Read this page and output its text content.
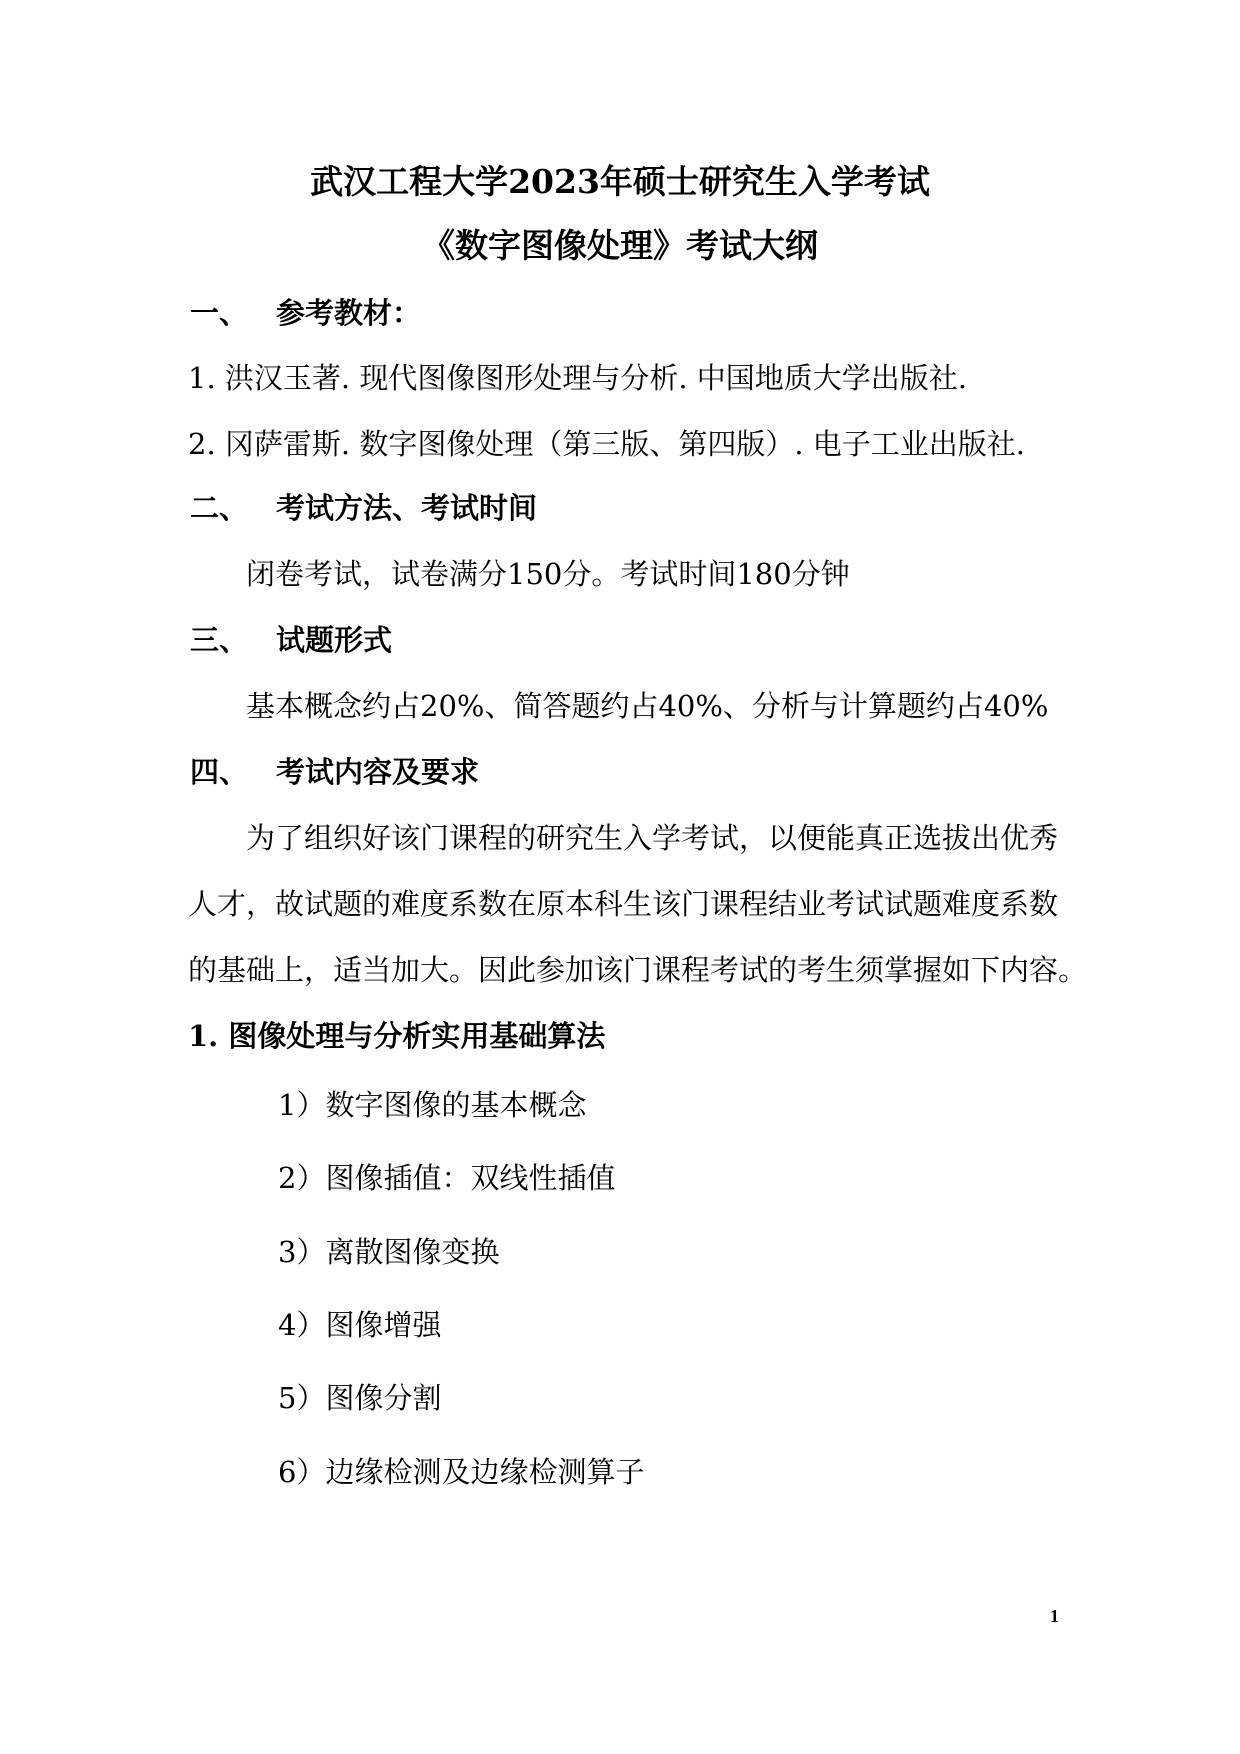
武汉工程大学2023年硕士研究生入学考试
《数字图像处理》考试大纲
一、 参考教材：
1. 洪汉玉著. 现代图像图形处理与分析. 中国地质大学出版社.
2. 冈萨雷斯. 数字图像处理（第三版、第四版）. 电子工业出版社.
二、 考试方法、考试时间
闭卷考试，试卷满分150分。考试时间180分钟
三、 试题形式
基本概念约占20%、简答题约占40%、分析与计算题约占40%
四、 考试内容及要求
为了组织好该门课程的研究生入学考试，以便能真正选拔出优秀
人才，故试题的难度系数在原本科生该门课程结业考试试题难度系数
的基础上，适当加大。因此参加该门课程考试的考生须掌握如下内容。
1. 图像处理与分析实用基础算法
1）数字图像的基本概念
2）图像插值：双线性插值
3）离散图像变换
4）图像增强
5）图像分割
6）边缘检测及边缘检测算子
1
